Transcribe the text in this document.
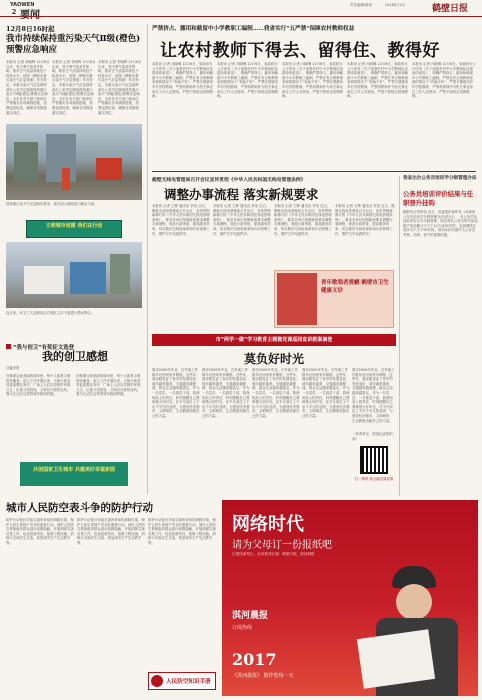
YAOWEN
2
责任编辑/新花	2018年12月	鹤壁日报
12月8日16时起
我市持续保持重污染天气Ⅱ级(橙色)预警应急响应
本报讯 记者 李晓辉 12月8日以来，受不利气象条件影响，我市空气质量持续处于较差水平。按照《鹤壁市重污染天气应急预案》有关规定，市重污染天气应急指挥部办公室决定继续保持重污染天气Ⅱ级(橙色)预警应急响应。全市各有关部门和单位严格落实各项减排措施，加强巡查检查，确保各项措施落实到位。
本报讯 记者 李晓辉 12月8日以来，受不利气象条件影响，我市空气质量持续处于较差水平。按照《鹤壁市重污染天气应急预案》有关规定，市重污染天气应急指挥部办公室决定继续保持重污染天气Ⅱ级(橙色)预警应急响应。全市各有关部门和单位严格落实各项减排措施，加强巡查检查，确保各项措施落实到位。
本报讯 记者 李晓辉 12月8日以来，受不利气象条件影响，我市空气质量持续处于较差水平。按照《鹤壁市重污染天气应急预案》有关规定，市重污染天气应急指挥部办公室决定继续保持重污染天气Ⅱ级(橙色)预警应急响应。全市各有关部门和单位严格落实各项减排措施，加强巡查检查，确保各项措施落实到位。
按照重污染天气应急响应要求，我市加大道路清扫保洁力度。
文明城市创建 我们在行动
连日来，环卫工人加班加点对城区主次干道进行洒水降尘。
严禁挤占、挪用和截留中小学教职工编制……我省实行“五严禁”保障农村教师权益
让农村教师下得去、留得住、教得好
本报讯 记者 闫晓琳 12月6日，省政府办公厅印发《关于加强乡村中小学教师队伍建设的意见》，明确严禁挤占、挪用和截留中小学教职工编制，严禁在有合格教师来源的情况下“有编不补”，严禁长期借用乡村学校教师，严禁将教师作为机关事业单位工作人员使用，严禁不按规定招聘教师。
本报讯 记者 闫晓琳 12月6日，省政府办公厅印发《关于加强乡村中小学教师队伍建设的意见》，明确严禁挤占、挪用和截留中小学教职工编制，严禁在有合格教师来源的情况下“有编不补”，严禁长期借用乡村学校教师，严禁将教师作为机关事业单位工作人员使用，严禁不按规定招聘教师。
本报讯 记者 闫晓琳 12月6日，省政府办公厅印发《关于加强乡村中小学教师队伍建设的意见》，明确严禁挤占、挪用和截留中小学教职工编制，严禁在有合格教师来源的情况下“有编不补”，严禁长期借用乡村学校教师，严禁将教师作为机关事业单位工作人员使用，严禁不按规定招聘教师。
本报讯 记者 闫晓琳 12月6日，省政府办公厅印发《关于加强乡村中小学教师队伍建设的意见》，明确严禁挤占、挪用和截留中小学教职工编制，严禁在有合格教师来源的情况下“有编不补”，严禁长期借用乡村学校教师，严禁将教师作为机关事业单位工作人员使用，严禁不按规定招聘教师。
本报讯 记者 闫晓琳 12月6日，省政府办公厅印发《关于加强乡村中小学教师队伍建设的意见》，明确严禁挤占、挪用和截留中小学教职工编制，严禁在有合格教师来源的情况下“有编不补”，严禁长期借用乡村学校教师，严禁将教师作为机关事业单位工作人员使用，严禁不按规定招聘教师。
鹤壁无线电管理局召开会议宣传贯彻《中华人民共和国无线电管理条例》
调整办事流程 落实新规要求
本报讯 记者 王辉 通讯员 李莹 近日，鹤壁无线电管理局召开会议，宣传贯彻新修订的《中华人民共和国无线电管理条例》，要求各单位按照新规要求调整办事流程，规范行政审批，提高服务效率，切实做好无线电频率和台站管理工作，维护空中电波秩序。
本报讯 记者 王辉 通讯员 李莹 近日，鹤壁无线电管理局召开会议，宣传贯彻新修订的《中华人民共和国无线电管理条例》，要求各单位按照新规要求调整办事流程，规范行政审批，提高服务效率，切实做好无线电频率和台站管理工作，维护空中电波秩序。
本报讯 记者 王辉 通讯员 李莹 近日，鹤壁无线电管理局召开会议，宣传贯彻新修订的《中华人民共和国无线电管理条例》，要求各单位按照新规要求调整办事流程，规范行政审批，提高服务效率，切实做好无线电频率和台站管理工作，维护空中电波秩序。
本报讯 记者 王辉 通讯员 李莹 近日，鹤壁无线电管理局召开会议，宣传贯彻新修订的《中华人民共和国无线电管理条例》，要求各单位按照新规要求调整办事流程，规范行政审批，提高服务效率，切实做好无线电频率和台站管理工作，维护空中电波秩序。
青年歌唱者黄鹂 鹤壁市卫生健康义诊
我省出台公务员培训学分制管理办法
公务员培训评价结果与任职晋升挂钩
据新华社郑州电 近日，省委组织部印发《河南省公务员培训学分制管理办法(试行)》，对公务员参加培训实行学分制管理，规定每名公务员每年参加脱产培训累计不少于12天或90学时，参加网络在线学习不少于50学时。培训评价结果作为公务员考核、任职、晋升的重要依据。
市“两学一做”学习教育主题微党课巡回宣讲教案摘登
莫负好时光
我市2009年毕业，在外地工作数年后回到家乡鹤壁。这些年，我亲眼见证了家乡的发展变化：城市越来越美，交通越来越便捷，群众生活越来越富足。作为一名党员、一名基层干部，我深知肩上的责任，时刻提醒自己要珍惜大好时光，在平凡岗位上干出不平凡的业绩，为建设经济强市、文明城市、生态鹤壁贡献自己的力量。
我市2009年毕业，在外地工作数年后回到家乡鹤壁。这些年，我亲眼见证了家乡的发展变化：城市越来越美，交通越来越便捷，群众生活越来越富足。作为一名党员、一名基层干部，我深知肩上的责任，时刻提醒自己要珍惜大好时光，在平凡岗位上干出不平凡的业绩，为建设经济强市、文明城市、生态鹤壁贡献自己的力量。
我市2009年毕业，在外地工作数年后回到家乡鹤壁。这些年，我亲眼见证了家乡的发展变化：城市越来越美，交通越来越便捷，群众生活越来越富足。作为一名党员、一名基层干部，我深知肩上的责任，时刻提醒自己要珍惜大好时光，在平凡岗位上干出不平凡的业绩，为建设经济强市、文明城市、生态鹤壁贡献自己的力量。
我市2009年毕业，在外地工作数年后回到家乡鹤壁。这些年，我亲眼见证了家乡的发展变化：城市越来越美，交通越来越便捷，群众生活越来越富足。作为一名党员、一名基层干部，我深知肩上的责任，时刻提醒自己要珍惜大好时光，在平凡岗位上干出不平凡的业绩，为建设经济强市、文明城市、生态鹤壁贡献自己的力量。
我市2009年毕业，在外地工作数年后回到家乡鹤壁。这些年，我亲眼见证了家乡的发展变化：城市越来越美，交通越来越便捷，群众生活越来越富足。作为一名党员、一名基层干部，我深知肩上的责任，时刻提醒自己要珍惜大好时光，在平凡岗位上干出不平凡的业绩，为建设经济强市、文明城市、生态鹤壁贡献自己的力量。
（作者单位：淇滨区委组织部）
扫二维码 看全篇党课视频
“我与创卫”有奖征文选登
我的创卫感想
□崔天宏
在鹤壁这座美丽的城市里，每个人都是文明的传播者。创卫工作开展以来，大街小巷变得更加整洁有序，广场上人们自觉维护环境卫生，垃圾分类投放，文明出行蔚然成风。我为生活在这样的城市感到骄傲。
在鹤壁这座美丽的城市里，每个人都是文明的传播者。创卫工作开展以来，大街小巷变得更加整洁有序，广场上人们自觉维护环境卫生，垃圾分类投放，文明出行蔚然成风。我为生活在这样的城市感到骄傲。
共创国家卫生城市 共建美好幸福家园
城市人民防空表斗争的防护行动
防护行动是针对敌空袭所采取的消除后果、保护人民生命财产安全的重要行动。城市人民防空系统组织群众进行疏散隐蔽，开展消除空袭后果工作，包括抢救伤员、抢修工程设施、消除火灾和次生灾害、恢复城市生产生活秩序等。
防护行动是针对敌空袭所采取的消除后果、保护人民生命财产安全的重要行动。城市人民防空系统组织群众进行疏散隐蔽，开展消除空袭后果工作，包括抢救伤员、抢修工程设施、消除火灾和次生灾害、恢复城市生产生活秩序等。
防护行动是针对敌空袭所采取的消除后果、保护人民生命财产安全的重要行动。城市人民防空系统组织群众进行疏散隐蔽，开展消除空袭后果工作，包括抢救伤员、抢修工程设施、消除火灾和次生灾害、恢复城市生产生活秩序等。
人民防空知识手册
网络时代
请为父母订一份报纸吧
日报扶助每日、全市报刊订阅：鹤壁日报、淇河晨报
淇河晨报
订阅热线
2017
《淇河晨报》 陪伴您每一天
